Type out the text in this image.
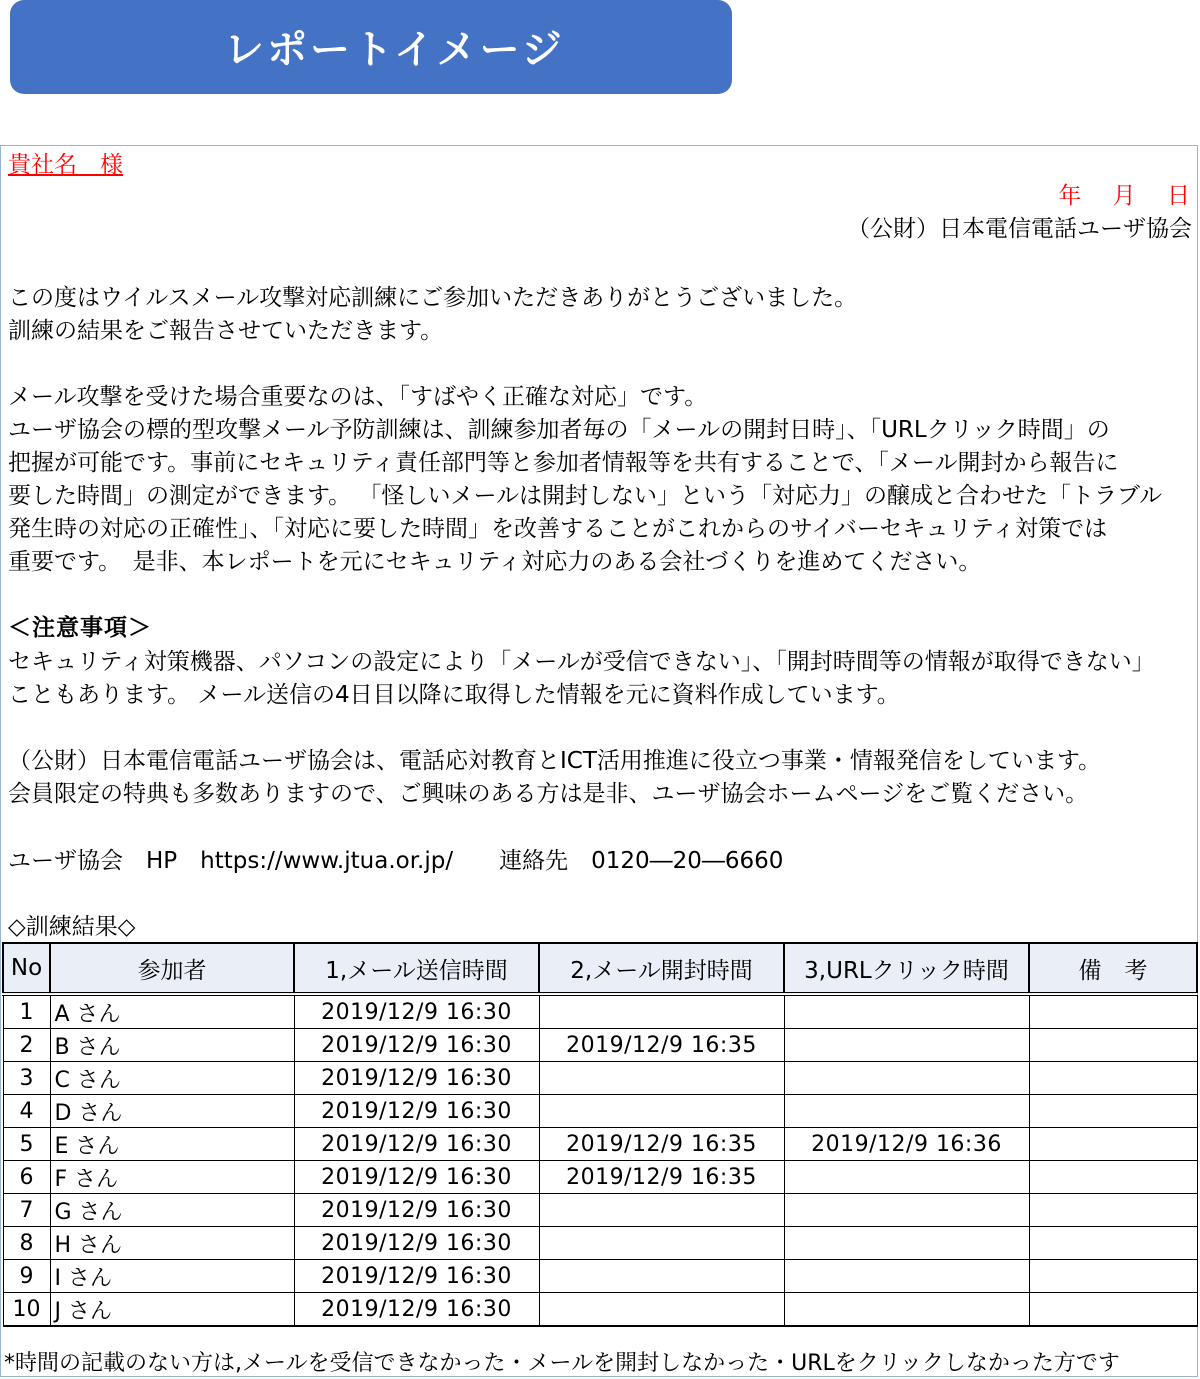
レポートイメージ
貴社名　様
年 月 日
（公財）日本電信電話ユーザ協会
この度はウイルスメール攻撃対応訓練にご参加いただきありがとうございました。
訓練の結果をご報告させていただきます。
メール攻撃を受けた場合重要なのは、「すばやく正確な対応」です。
ユーザ協会の標的型攻撃メール予防訓練は、訓練参加者毎の「メールの開封日時」、「URLクリック時間」の
把握が可能です。事前にセキュリティ責任部門等と参加者情報等を共有することで、「メール開封から報告に
要した時間」の測定ができます。 「怪しいメールは開封しない」という「対応力」の醸成と合わせた「トラブル
発生時の対応の正確性」、「対応に要した時間」を改善することがこれからのサイバーセキュリティ対策では
重要です。　是非、本レポートを元にセキュリティ対応力のある会社づくりを進めてください。
＜注意事項＞
セキュリティ対策機器、パソコンの設定により「メールが受信できない」、「開封時間等の情報が取得できない」
こともあります。 メール送信の4日目以降に取得した情報を元に資料作成しています。
（公財）日本電信電話ユーザ協会は、電話応対教育とICT活用推進に役立つ事業・情報発信をしています。
会員限定の特典も多数ありますので、ご興味のある方は是非、ユーザ協会ホームページをご覧ください。
ユーザ協会　HP　https://www.jtua.or.jp/　　連絡先　0120―20―6660
◇訓練結果◇
No	参加者	1,メール送信時間	2,メール開封時間	3,URLクリック時間	備　考
1	A さん	2019/12/9 16:30			
2	B さん	2019/12/9 16:30	2019/12/9 16:35		
3	C さん	2019/12/9 16:30			
4	D さん	2019/12/9 16:30			
5	E さん	2019/12/9 16:30	2019/12/9 16:35	2019/12/9 16:36	
6	F さん	2019/12/9 16:30	2019/12/9 16:35		
7	G さん	2019/12/9 16:30			
8	H さん	2019/12/9 16:30			
9	I さん	2019/12/9 16:30			
10	J さん	2019/12/9 16:30			
*時間の記載のない方は,メールを受信できなかった・メールを開封しなかった・URLをクリックしなかった方です
